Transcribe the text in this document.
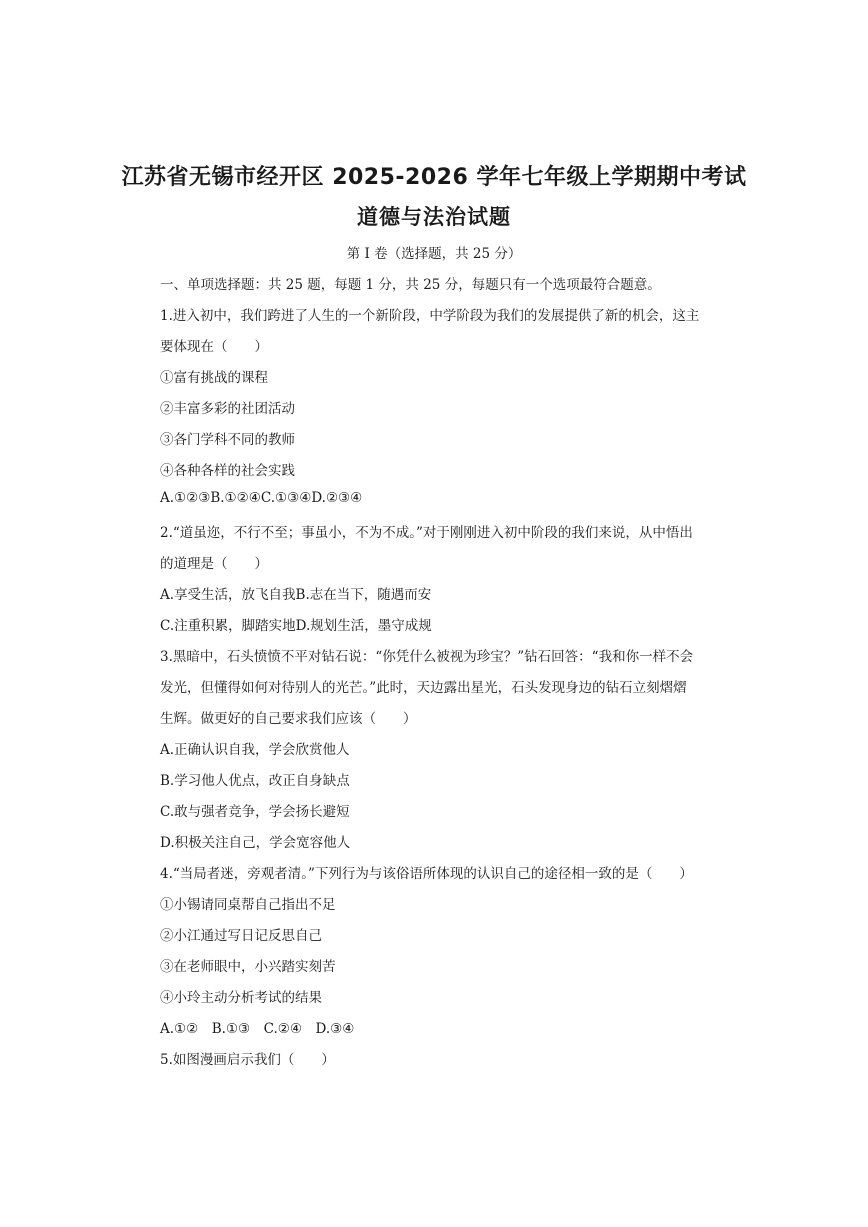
江苏省无锡市经开区 2025-2026 学年七年级上学期期中考试
道德与法治试题
第 I 卷（选择题，共 25 分）
一、单项选择题：共 25 题，每题 1 分，共 25 分，每题只有一个选项最符合题意。
1.进入初中，我们跨进了人生的一个新阶段，中学阶段为我们的发展提供了新的机会，这主
要体现在（　　）
①富有挑战的课程
②丰富多彩的社团活动
③各门学科不同的教师
④各种各样的社会实践
A.①②③B.①②④C.①③④D.②③④
2.“道虽迩，不行不至；事虽小，不为不成。”对于刚刚进入初中阶段的我们来说，从中悟出
的道理是（　　）
A.享受生活，放飞自我B.志在当下，随遇而安
C.注重积累，脚踏实地D.规划生活，墨守成规
3.黑暗中，石头愤愤不平对钻石说：“你凭什么被视为珍宝？”钻石回答：“我和你一样不会
发光，但懂得如何对待别人的光芒。”此时，天边露出星光，石头发现身边的钻石立刻熠熠
生辉。做更好的自己要求我们应该（　　）
A.正确认识自我，学会欣赏他人
B.学习他人优点，改正自身缺点
C.敢与强者竞争，学会扬长避短
D.积极关注自己，学会宽容他人
4.“当局者迷，旁观者清。”下列行为与该俗语所体现的认识自己的途径相一致的是（　　）
①小锡请同桌帮自己指出不足
②小江通过写日记反思自己
③在老师眼中，小兴踏实刻苦
④小玲主动分析考试的结果
A.①②　B.①③　C.②④　D.③④
5.如图漫画启示我们（　　）
